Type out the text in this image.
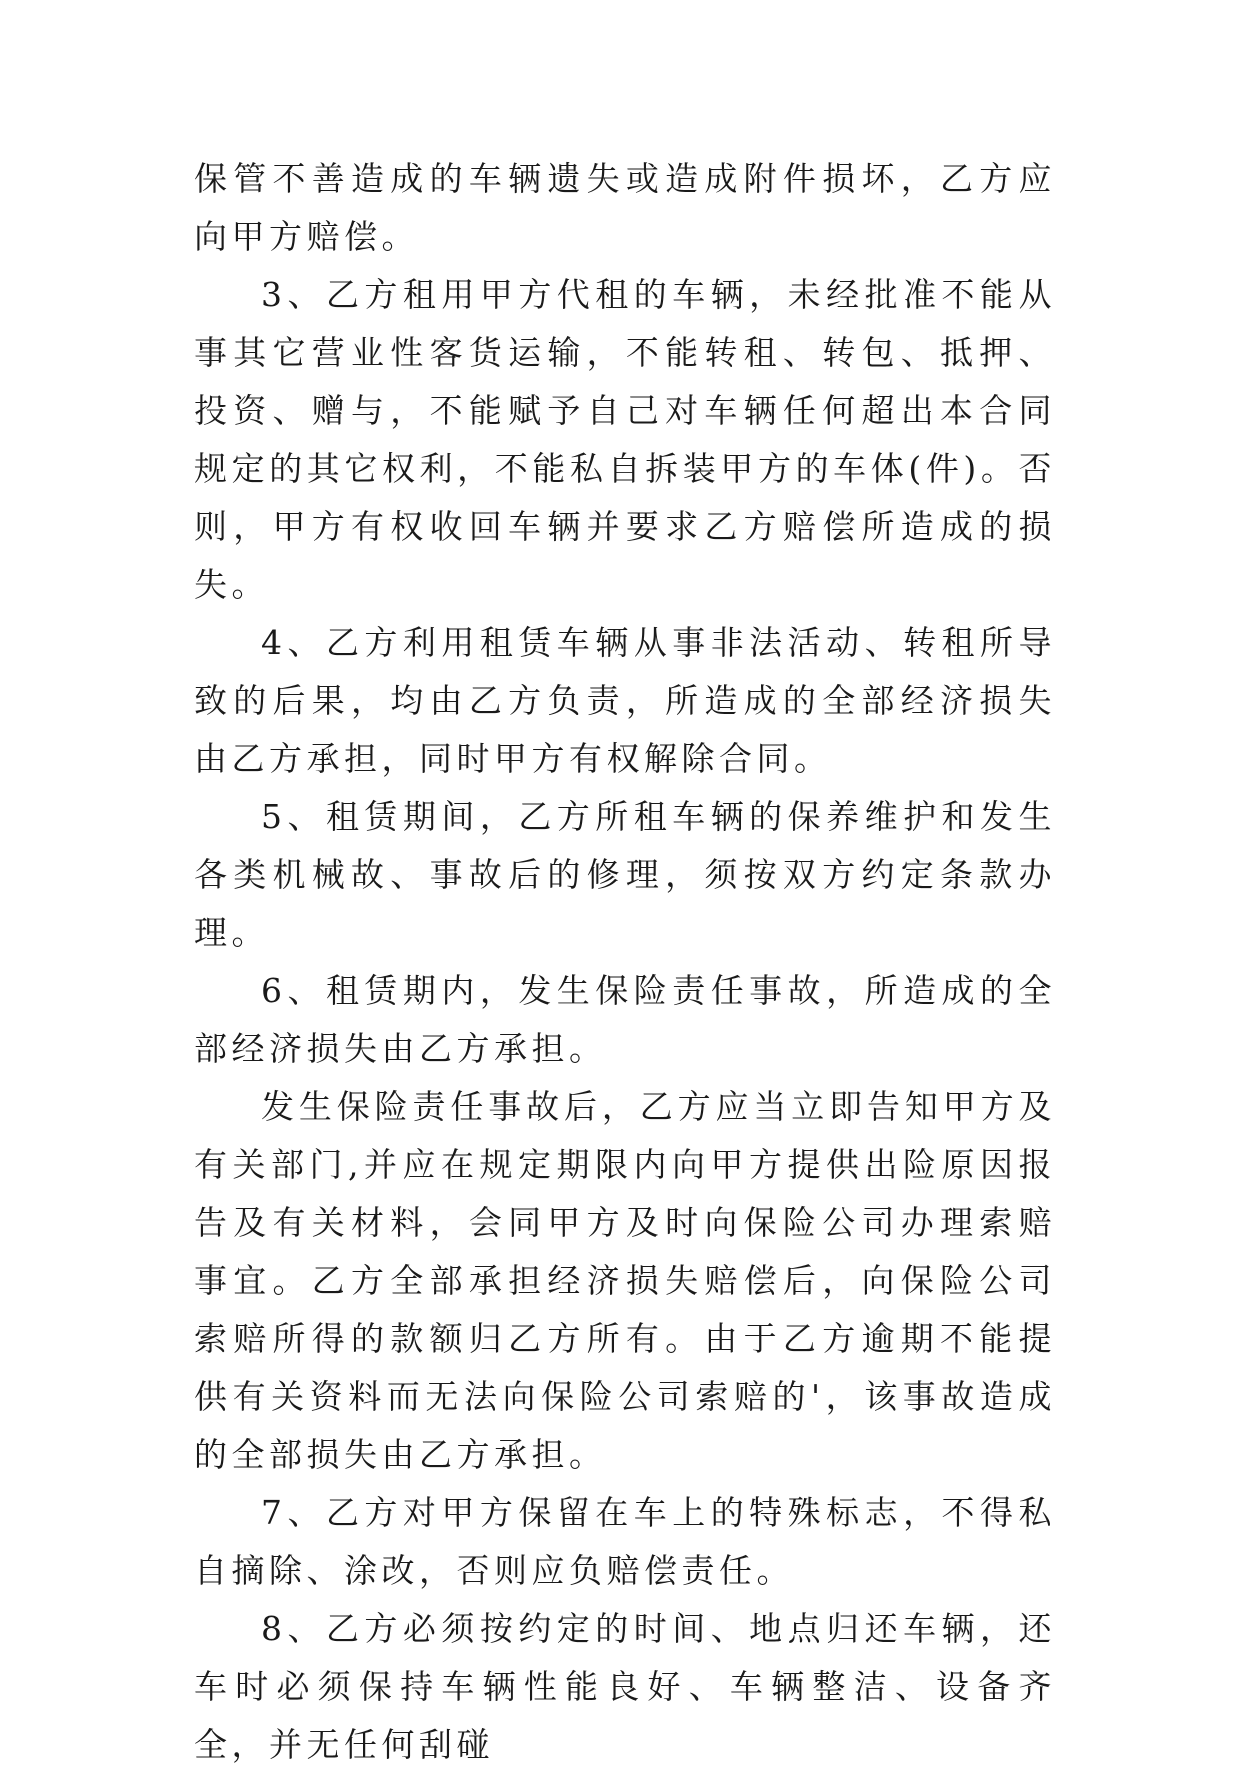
保管不善造成的车辆遗失或造成附件损坏，乙方应向甲方赔偿。

3、乙方租用甲方代租的车辆，未经批准不能从事其它营业性客货运输，不能转租、转包、抵押、投资、赠与，不能赋予自己对车辆任何超出本合同规定的其它权利，不能私自拆装甲方的车体(件)。否则，甲方有权收回车辆并要求乙方赔偿所造成的损失。

4、乙方利用租赁车辆从事非法活动、转租所导致的后果，均由乙方负责，所造成的全部经济损失由乙方承担，同时甲方有权解除合同。

5、租赁期间，乙方所租车辆的保养维护和发生各类机械故、事故后的修理，须按双方约定条款办理。

6、租赁期内，发生保险责任事故，所造成的全部经济损失由乙方承担。

发生保险责任事故后，乙方应当立即告知甲方及有关部门,并应在规定期限内向甲方提供出险原因报告及有关材料，会同甲方及时向保险公司办理索赔事宜。乙方全部承担经济损失赔偿后，向保险公司索赔所得的款额归乙方所有。由于乙方逾期不能提供有关资料而无法向保险公司索赔的'，该事故造成的全部损失由乙方承担。

7、乙方对甲方保留在车上的特殊标志，不得私自摘除、涂改，否则应负赔偿责任。

8、乙方必须按约定的时间、地点归还车辆，还车时必须保持车辆性能良好、车辆整洁、设备齐全，并无任何刮碰
